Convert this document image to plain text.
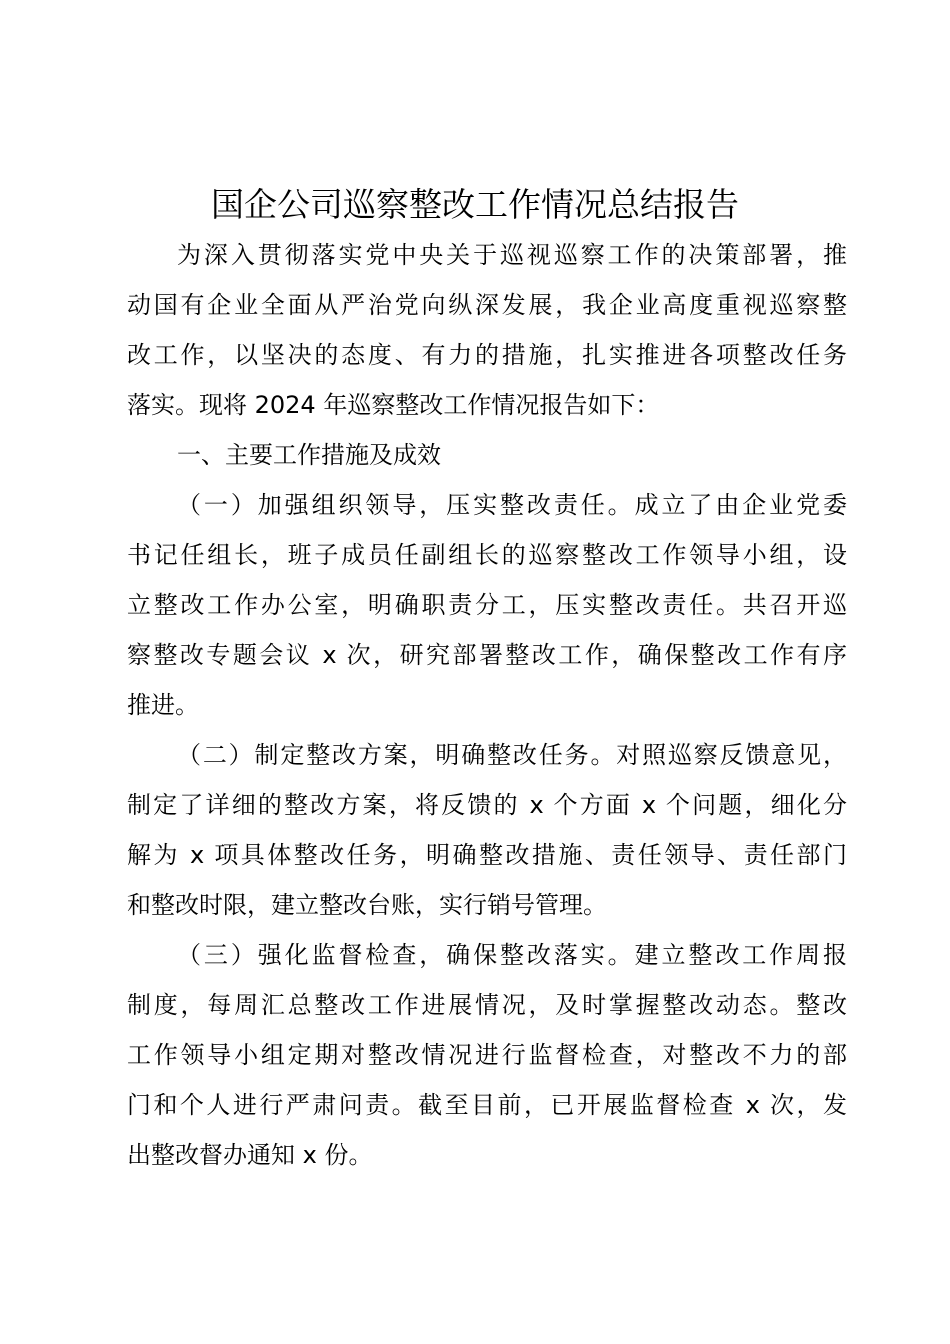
国企公司巡察整改工作情况总结报告

为深入贯彻落实党中央关于巡视巡察工作的决策部署，推

动国有企业全面从严治党向纵深发展，我企业高度重视巡察整

改工作，以坚决的态度、有力的措施，扎实推进各项整改任务

落实。现将 2024 年巡察整改工作情况报告如下：

一、主要工作措施及成效

（一）加强组织领导，压实整改责任。成立了由企业党委

书记任组长，班子成员任副组长的巡察整改工作领导小组，设

立整改工作办公室，明确职责分工，压实整改责任。共召开巡

察整改专题会议 x 次，研究部署整改工作，确保整改工作有序

推进。

（二）制定整改方案，明确整改任务。对照巡察反馈意见，

制定了详细的整改方案，将反馈的 x 个方面 x 个问题，细化分

解为 x 项具体整改任务，明确整改措施、责任领导、责任部门

和整改时限，建立整改台账，实行销号管理。

（三）强化监督检查，确保整改落实。建立整改工作周报

制度，每周汇总整改工作进展情况，及时掌握整改动态。整改

工作领导小组定期对整改情况进行监督检查，对整改不力的部

门和个人进行严肃问责。截至目前，已开展监督检查 x 次，发

出整改督办通知 x 份。
